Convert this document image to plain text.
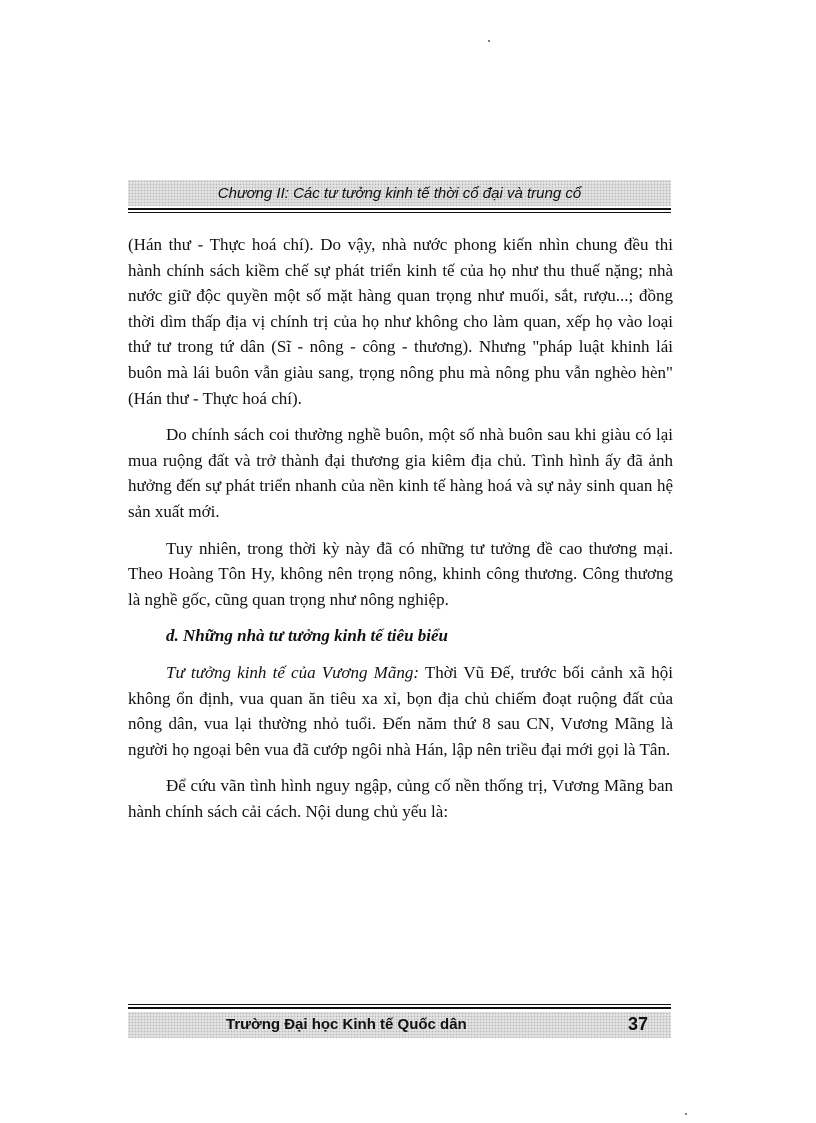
Chương II: Các tư tưởng kinh tế thời cổ đại và trung cổ

(Hán thư - Thực hoá chí). Do vậy, nhà nước phong kiến nhìn chung đều thi hành chính sách kiềm chế sự phát triển kinh tế của họ như thu thuế nặng; nhà nước giữ độc quyền một số mặt hàng quan trọng như muối, sắt, rượu...; đồng thời dìm thấp địa vị chính trị của họ như không cho làm quan, xếp họ vào loại thứ tư trong tứ dân (Sĩ - nông - công - thương). Nhưng "pháp luật khinh lái buôn mà lái buôn vẫn giàu sang, trọng nông phu mà nông phu vẫn nghèo hèn" (Hán thư - Thực hoá chí).

Do chính sách coi thường nghề buôn, một số nhà buôn sau khi giàu có lại mua ruộng đất và trở thành đại thương gia kiêm địa chủ. Tình hình ấy đã ảnh hưởng đến sự phát triển nhanh của nền kinh tế hàng hoá và sự nảy sinh quan hệ sản xuất mới.

Tuy nhiên, trong thời kỳ này đã có những tư tưởng đề cao thương mại. Theo Hoàng Tôn Hy, không nên trọng nông, khinh công thương. Công thương là nghề gốc, cũng quan trọng như nông nghiệp.

d. Những nhà tư tưởng kinh tế tiêu biểu

Tư tưởng kinh tế của Vương Mãng: Thời Vũ Đế, trước bối cảnh xã hội không ổn định, vua quan ăn tiêu xa xỉ, bọn địa chủ chiếm đoạt ruộng đất của nông dân, vua lại thường nhỏ tuổi. Đến năm thứ 8 sau CN, Vương Mãng là người họ ngoại bên vua đã cướp ngôi nhà Hán, lập nên triều đại mới gọi là Tân.

Để cứu vãn tình hình nguy ngập, củng cố nền thống trị, Vương Mãng ban hành chính sách cải cách. Nội dung chủ yếu là:

Trường Đại học Kinh tế Quốc dân	37
